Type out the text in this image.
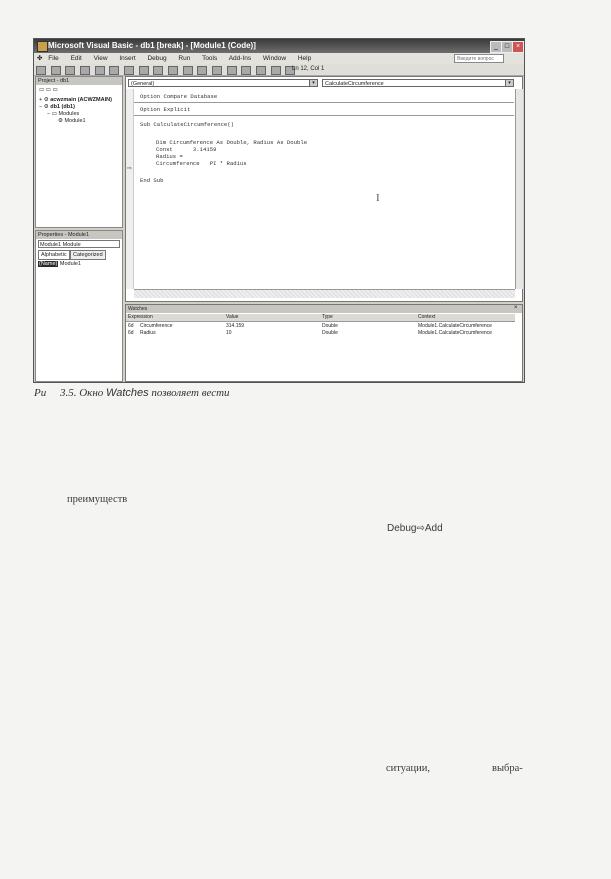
Microsoft Visual Basic - db1 [break] - [Module1 (Code)]	_ □ ×
✤ File Edit View Insert Debug Run Tools Add-Ins Window Help	Введите вопрос

Ln 12, Col 1
Project - db1
▭ ▭ ▭
+ ⚙ acwzmain (ACWZMAIN)
− ⚙ db1 (db1)
− ▭ Modules
⚙ Module1
Properties - Module1
Module1 Module
Alphabetic	Categorized
(Name) Module1
(General)	▾	CalculateCircumference	▾
Option Compare Database
Option Explicit
Sub CalculateCircumference()
Dim Circumference As Double, Radius As Double
Const      3.14159
Radius =
Circumference   PI * Radius
End Sub
⇨
I
Watches	×
Expression	Value	Type	Context
6d Circumference	314.159	Double	Module1.CalculateCircumference
6d Radius	10	Double	Module1.CalculateCircumference
Ри 3.5. Окно Watches позволяет вести
преимуществ
Debug⇨Add
ситуации,	выбра-
